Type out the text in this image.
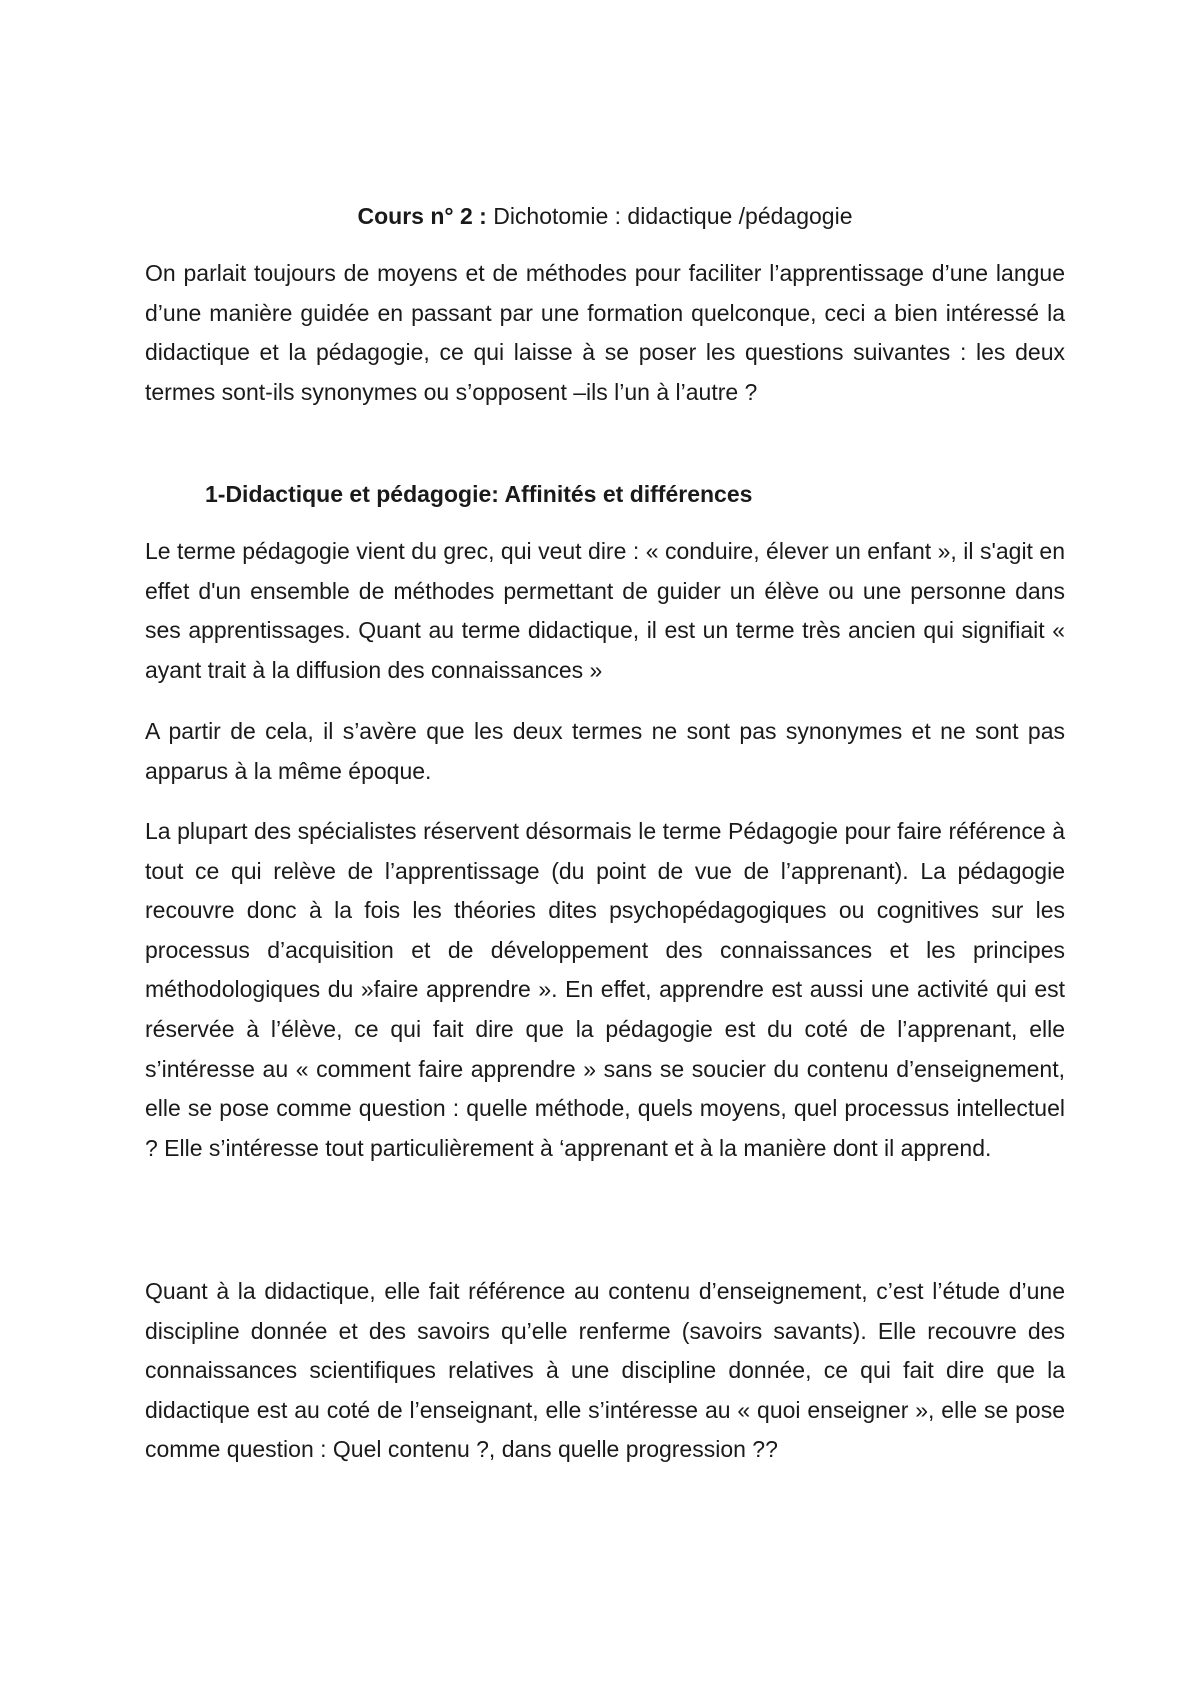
Cours n° 2 : Dichotomie : didactique /pédagogie

On parlait toujours de moyens et de méthodes pour faciliter l’apprentissage d’une langue d’une manière guidée en passant par une formation quelconque, ceci a bien intéressé la didactique et la pédagogie, ce qui laisse à se poser les questions suivantes : les deux termes sont-ils synonymes ou s’opposent –ils l’un à l’autre ?

1-Didactique et pédagogie: Affinités et différences

Le terme pédagogie vient du grec, qui veut dire : « conduire, élever un enfant », il s'agit en effet d'un ensemble de méthodes permettant de guider un élève ou une personne dans ses apprentissages. Quant au terme didactique, il est un terme très ancien qui signifiait « ayant trait à la diffusion des connaissances »

A partir de cela, il s’avère que les deux termes ne sont pas synonymes et ne sont pas apparus à la même époque.

La plupart des spécialistes réservent désormais le terme Pédagogie pour faire référence à tout ce qui relève de l’apprentissage (du point de vue de l’apprenant). La pédagogie recouvre donc à la fois les théories dites psychopédagogiques ou cognitives sur les processus d’acquisition et de développement des connaissances et les principes méthodologiques du »faire apprendre ». En effet, apprendre est aussi une activité qui est réservée à l’élève, ce qui fait dire que la pédagogie est du coté de l’apprenant, elle s’intéresse au « comment faire apprendre » sans se soucier du contenu d’enseignement, elle se pose comme question : quelle méthode, quels moyens, quel processus intellectuel ? Elle s’intéresse tout particulièrement à ‘apprenant et à la manière dont il apprend.

Quant à la didactique, elle fait référence au contenu d’enseignement, c’est l’étude d’une discipline donnée et des savoirs qu’elle renferme (savoirs savants). Elle recouvre des connaissances scientifiques relatives à une discipline donnée, ce qui fait dire que la didactique est au coté de l’enseignant, elle s’intéresse au « quoi enseigner », elle se pose comme question : Quel contenu ?, dans quelle progression ??
